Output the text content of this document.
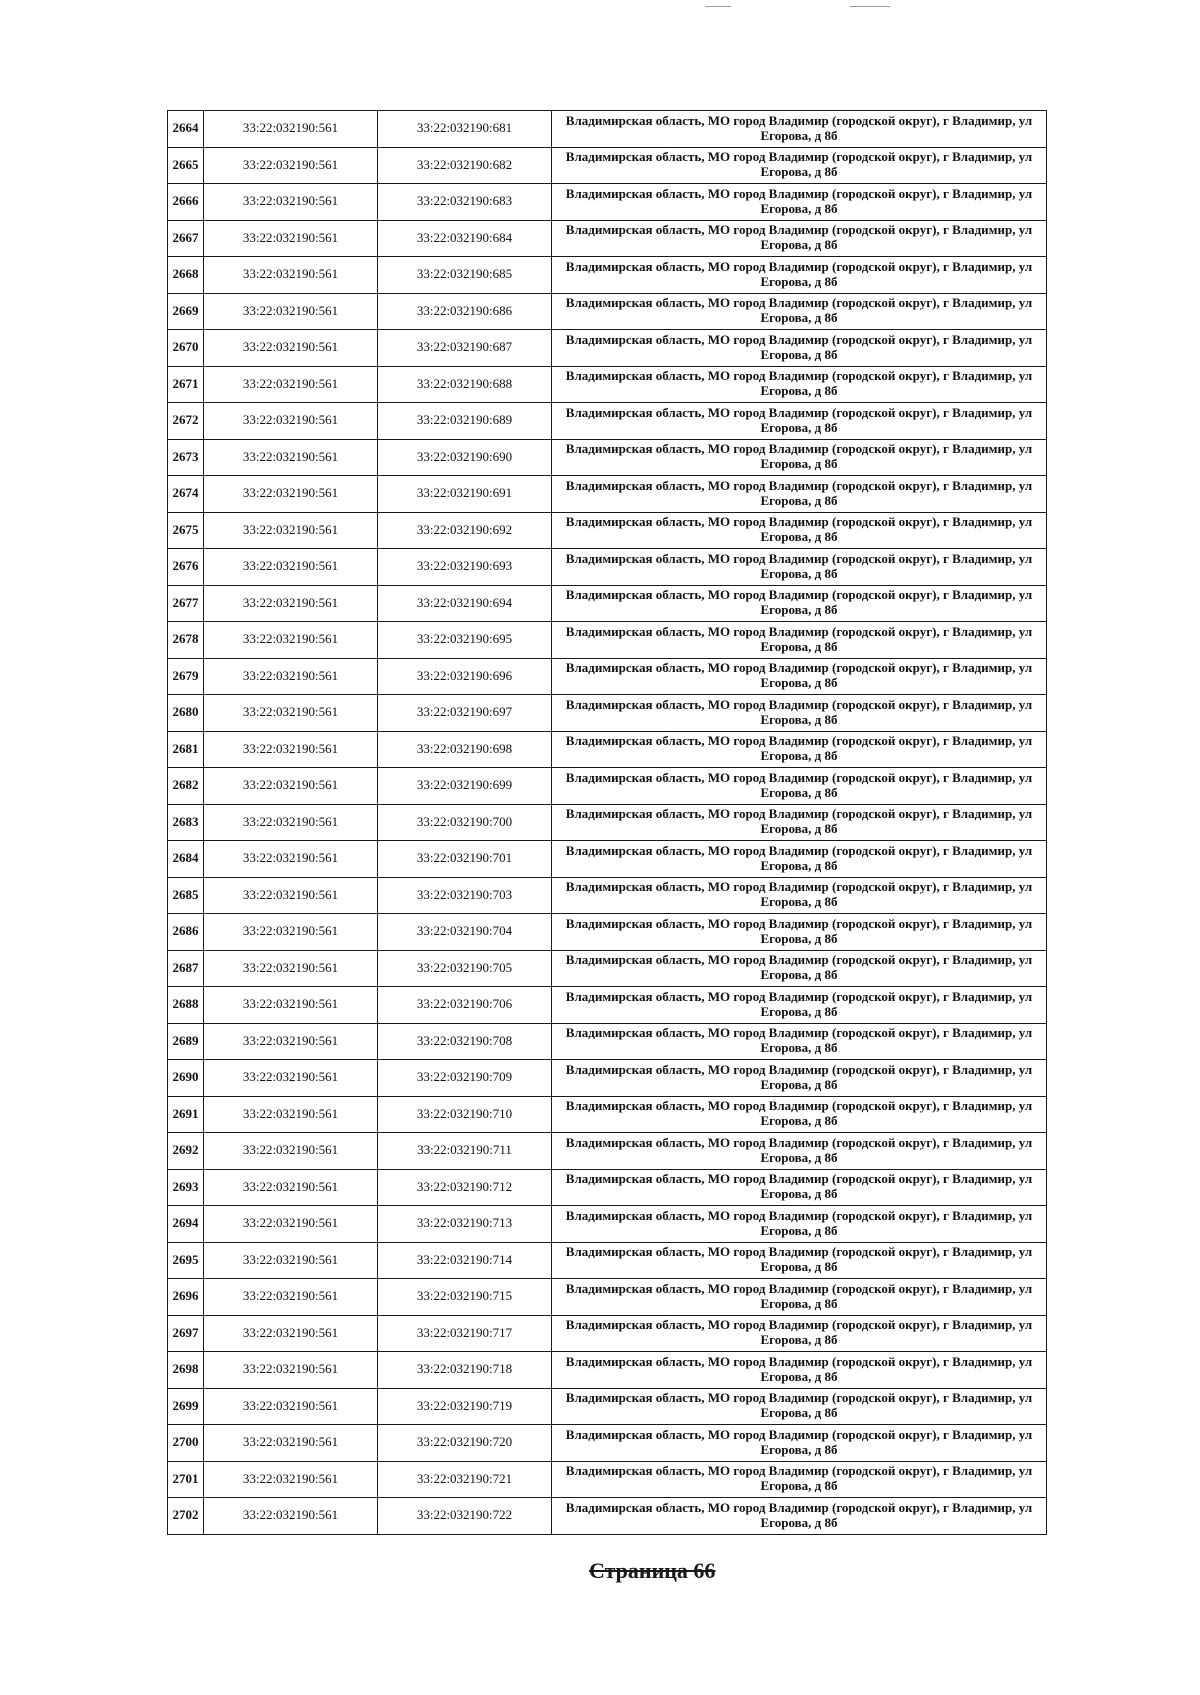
2664	33:22:032190:561	33:22:032190:681	Владимирская область, МО город Владимир (городской округ), г Владимир, ул Егорова, д 8б
2665	33:22:032190:561	33:22:032190:682	Владимирская область, МО город Владимир (городской округ), г Владимир, ул Егорова, д 8б
2666	33:22:032190:561	33:22:032190:683	Владимирская область, МО город Владимир (городской округ), г Владимир, ул Егорова, д 8б
2667	33:22:032190:561	33:22:032190:684	Владимирская область, МО город Владимир (городской округ), г Владимир, ул Егорова, д 8б
2668	33:22:032190:561	33:22:032190:685	Владимирская область, МО город Владимир (городской округ), г Владимир, ул Егорова, д 8б
2669	33:22:032190:561	33:22:032190:686	Владимирская область, МО город Владимир (городской округ), г Владимир, ул Егорова, д 8б
2670	33:22:032190:561	33:22:032190:687	Владимирская область, МО город Владимир (городской округ), г Владимир, ул Егорова, д 8б
2671	33:22:032190:561	33:22:032190:688	Владимирская область, МО город Владимир (городской округ), г Владимир, ул Егорова, д 8б
2672	33:22:032190:561	33:22:032190:689	Владимирская область, МО город Владимир (городской округ), г Владимир, ул Егорова, д 8б
2673	33:22:032190:561	33:22:032190:690	Владимирская область, МО город Владимир (городской округ), г Владимир, ул Егорова, д 8б
2674	33:22:032190:561	33:22:032190:691	Владимирская область, МО город Владимир (городской округ), г Владимир, ул Егорова, д 8б
2675	33:22:032190:561	33:22:032190:692	Владимирская область, МО город Владимир (городской округ), г Владимир, ул Егорова, д 8б
2676	33:22:032190:561	33:22:032190:693	Владимирская область, МО город Владимир (городской округ), г Владимир, ул Егорова, д 8б
2677	33:22:032190:561	33:22:032190:694	Владимирская область, МО город Владимир (городской округ), г Владимир, ул Егорова, д 8б
2678	33:22:032190:561	33:22:032190:695	Владимирская область, МО город Владимир (городской округ), г Владимир, ул Егорова, д 8б
2679	33:22:032190:561	33:22:032190:696	Владимирская область, МО город Владимир (городской округ), г Владимир, ул Егорова, д 8б
2680	33:22:032190:561	33:22:032190:697	Владимирская область, МО город Владимир (городской округ), г Владимир, ул Егорова, д 8б
2681	33:22:032190:561	33:22:032190:698	Владимирская область, МО город Владимир (городской округ), г Владимир, ул Егорова, д 8б
2682	33:22:032190:561	33:22:032190:699	Владимирская область, МО город Владимир (городской округ), г Владимир, ул Егорова, д 8б
2683	33:22:032190:561	33:22:032190:700	Владимирская область, МО город Владимир (городской округ), г Владимир, ул Егорова, д 8б
2684	33:22:032190:561	33:22:032190:701	Владимирская область, МО город Владимир (городской округ), г Владимир, ул Егорова, д 8б
2685	33:22:032190:561	33:22:032190:703	Владимирская область, МО город Владимир (городской округ), г Владимир, ул Егорова, д 8б
2686	33:22:032190:561	33:22:032190:704	Владимирская область, МО город Владимир (городской округ), г Владимир, ул Егорова, д 8б
2687	33:22:032190:561	33:22:032190:705	Владимирская область, МО город Владимир (городской округ), г Владимир, ул Егорова, д 8б
2688	33:22:032190:561	33:22:032190:706	Владимирская область, МО город Владимир (городской округ), г Владимир, ул Егорова, д 8б
2689	33:22:032190:561	33:22:032190:708	Владимирская область, МО город Владимир (городской округ), г Владимир, ул Егорова, д 8б
2690	33:22:032190:561	33:22:032190:709	Владимирская область, МО город Владимир (городской округ), г Владимир, ул Егорова, д 8б
2691	33:22:032190:561	33:22:032190:710	Владимирская область, МО город Владимир (городской округ), г Владимир, ул Егорова, д 8б
2692	33:22:032190:561	33:22:032190:711	Владимирская область, МО город Владимир (городской округ), г Владимир, ул Егорова, д 8б
2693	33:22:032190:561	33:22:032190:712	Владимирская область, МО город Владимир (городской округ), г Владимир, ул Егорова, д 8б
2694	33:22:032190:561	33:22:032190:713	Владимирская область, МО город Владимир (городской округ), г Владимир, ул Егорова, д 8б
2695	33:22:032190:561	33:22:032190:714	Владимирская область, МО город Владимир (городской округ), г Владимир, ул Егорова, д 8б
2696	33:22:032190:561	33:22:032190:715	Владимирская область, МО город Владимир (городской округ), г Владимир, ул Егорова, д 8б
2697	33:22:032190:561	33:22:032190:717	Владимирская область, МО город Владимир (городской округ), г Владимир, ул Егорова, д 8б
2698	33:22:032190:561	33:22:032190:718	Владимирская область, МО город Владимир (городской округ), г Владимир, ул Егорова, д 8б
2699	33:22:032190:561	33:22:032190:719	Владимирская область, МО город Владимир (городской округ), г Владимир, ул Егорова, д 8б
2700	33:22:032190:561	33:22:032190:720	Владимирская область, МО город Владимир (городской округ), г Владимир, ул Егорова, д 8б
2701	33:22:032190:561	33:22:032190:721	Владимирская область, МО город Владимир (городской округ), г Владимир, ул Егорова, д 8б
2702	33:22:032190:561	33:22:032190:722	Владимирская область, МО город Владимир (городской округ), г Владимир, ул Егорова, д 8б
Страница 66
